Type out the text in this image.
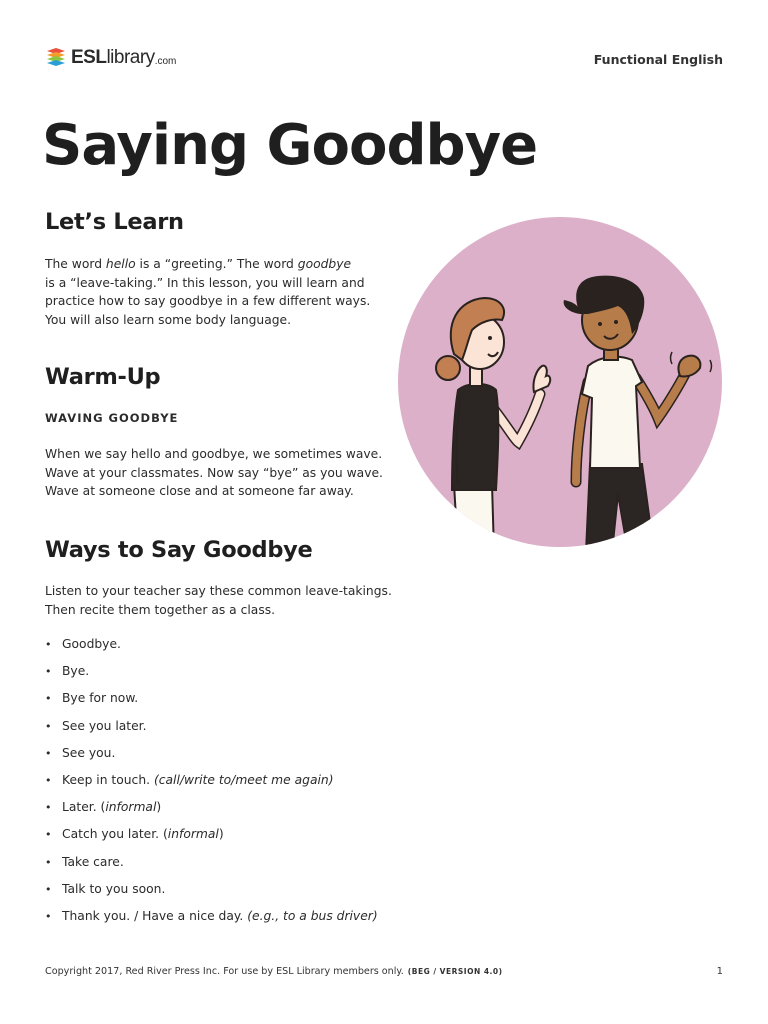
ESL library .com	Functional English
Saying Goodbye
Let’s Learn

The word hello is a “greeting.” The word goodbye

is a “leave-taking.” In this lesson, you will learn and

practice how to say goodbye in a few different ways.

You will also learn some body language.

Warm-Up
WAVING GOODBYE

When we say hello and goodbye, we sometimes wave.

Wave at your classmates. Now say “bye” as you wave.

Wave at someone close and at someone far away.

Ways to Say Goodbye

Listen to your teacher say these common leave-takings.

Then recite them together as a class.

• Goodbye.
• Bye.
• Bye for now.
• See you later.
• See you.
• Keep in touch. (call/write to/meet me again)
• Later. (informal)
• Catch you later. (informal)
• Take care.
• Talk to you soon.
• Thank you. / Have a nice day. (e.g., to a bus driver)
Copyright 2017, Red River Press Inc. For use by ESL Library members only. (BEG / VERSION 4.0)	1
